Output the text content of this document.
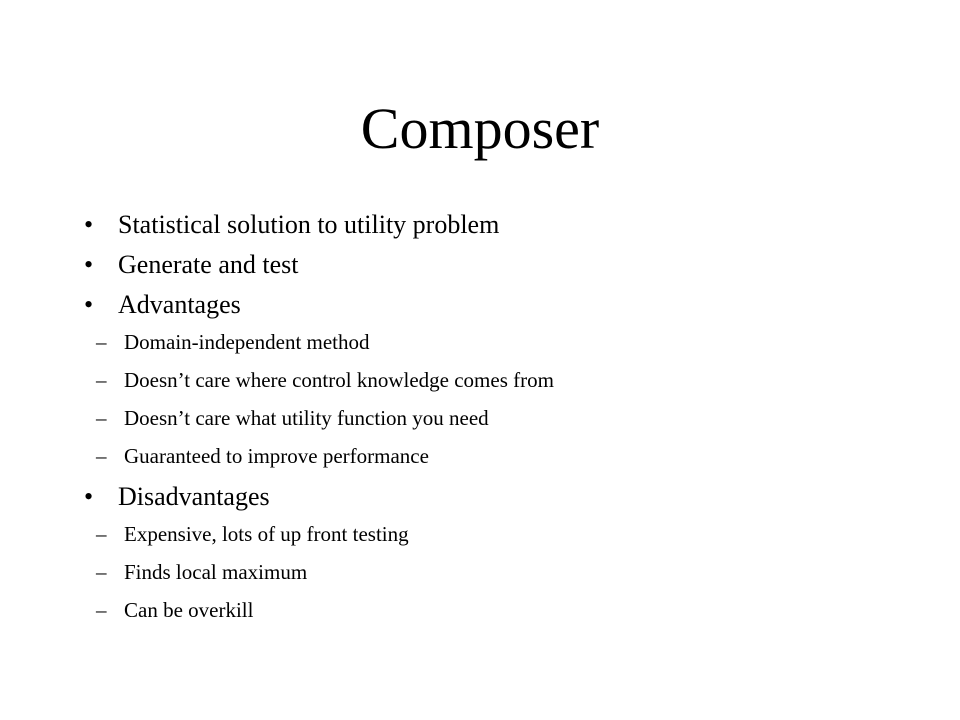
Composer
• Statistical solution to utility problem
• Generate and test
• Advantages
– Domain-independent method
– Doesn’t care where control knowledge comes from
– Doesn’t care what utility function you need
– Guaranteed to improve performance
• Disadvantages
– Expensive, lots of up front testing
– Finds local maximum
– Can be overkill
